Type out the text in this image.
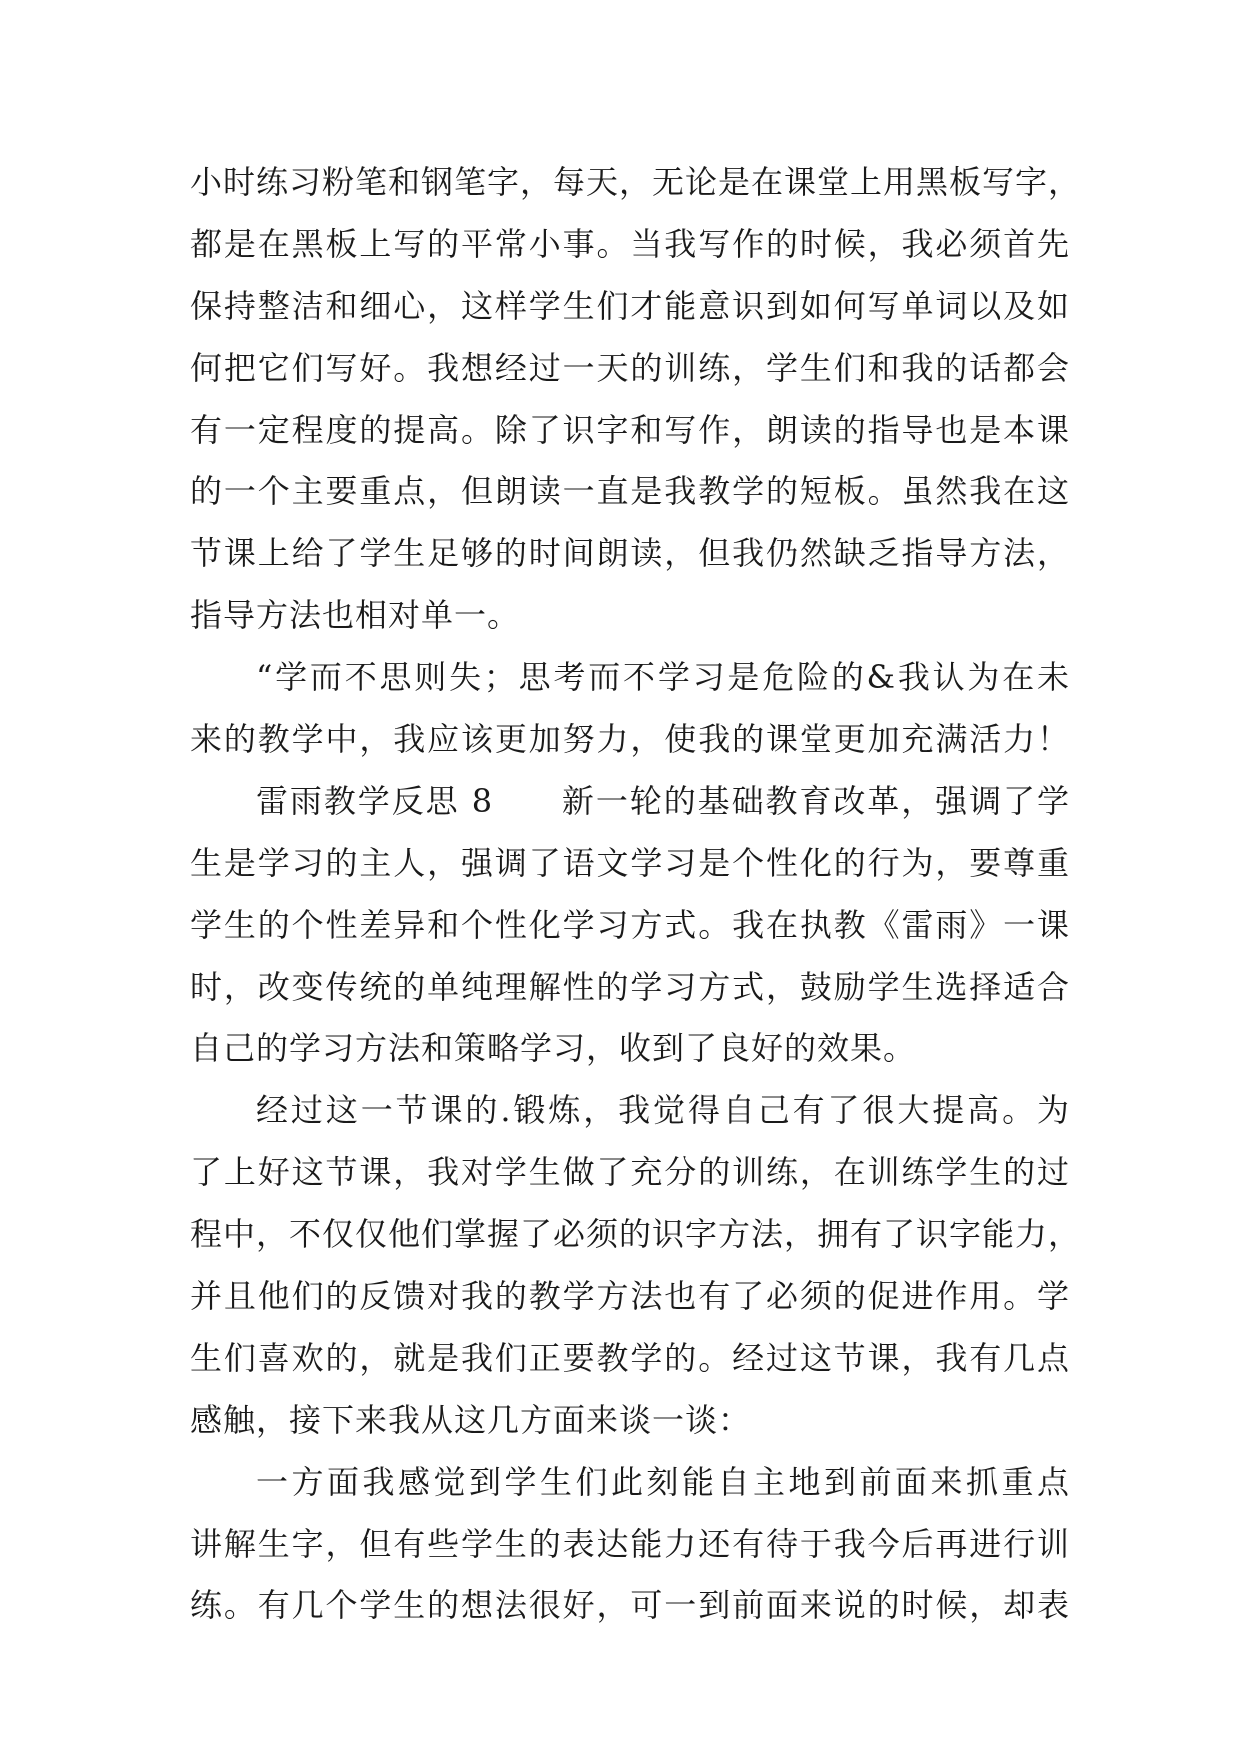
小时练习粉笔和钢笔字，每天，无论是在课堂上用黑板写字，
都是在黑板上写的平常小事。当我写作的时候，我必须首先
保持整洁和细心，这样学生们才能意识到如何写单词以及如
何把它们写好。我想经过一天的训练，学生们和我的话都会
有一定程度的提高。除了识字和写作，朗读的指导也是本课
的一个主要重点，但朗读一直是我教学的短板。虽然我在这
节课上给了学生足够的时间朗读，但我仍然缺乏指导方法，
指导方法也相对单一。
“学而不思则失；思考而不学习是危险的&我认为在未
来的教学中，我应该更加努力，使我的课堂更加充满活力！
雷雨教学反思 8　　新一轮的基础教育改革，强调了学
生是学习的主人，强调了语文学习是个性化的行为，要尊重
学生的个性差异和个性化学习方式。我在执教《雷雨》一课
时，改变传统的单纯理解性的学习方式，鼓励学生选择适合
自己的学习方法和策略学习，收到了良好的效果。
经过这一节课的.锻炼，我觉得自己有了很大提高。为
了上好这节课，我对学生做了充分的训练，在训练学生的过
程中，不仅仅他们掌握了必须的识字方法，拥有了识字能力，
并且他们的反馈对我的教学方法也有了必须的促进作用。学
生们喜欢的，就是我们正要教学的。经过这节课，我有几点
感触，接下来我从这几方面来谈一谈：
一方面我感觉到学生们此刻能自主地到前面来抓重点
讲解生字，但有些学生的表达能力还有待于我今后再进行训
练。有几个学生的想法很好，可一到前面来说的时候，却表
